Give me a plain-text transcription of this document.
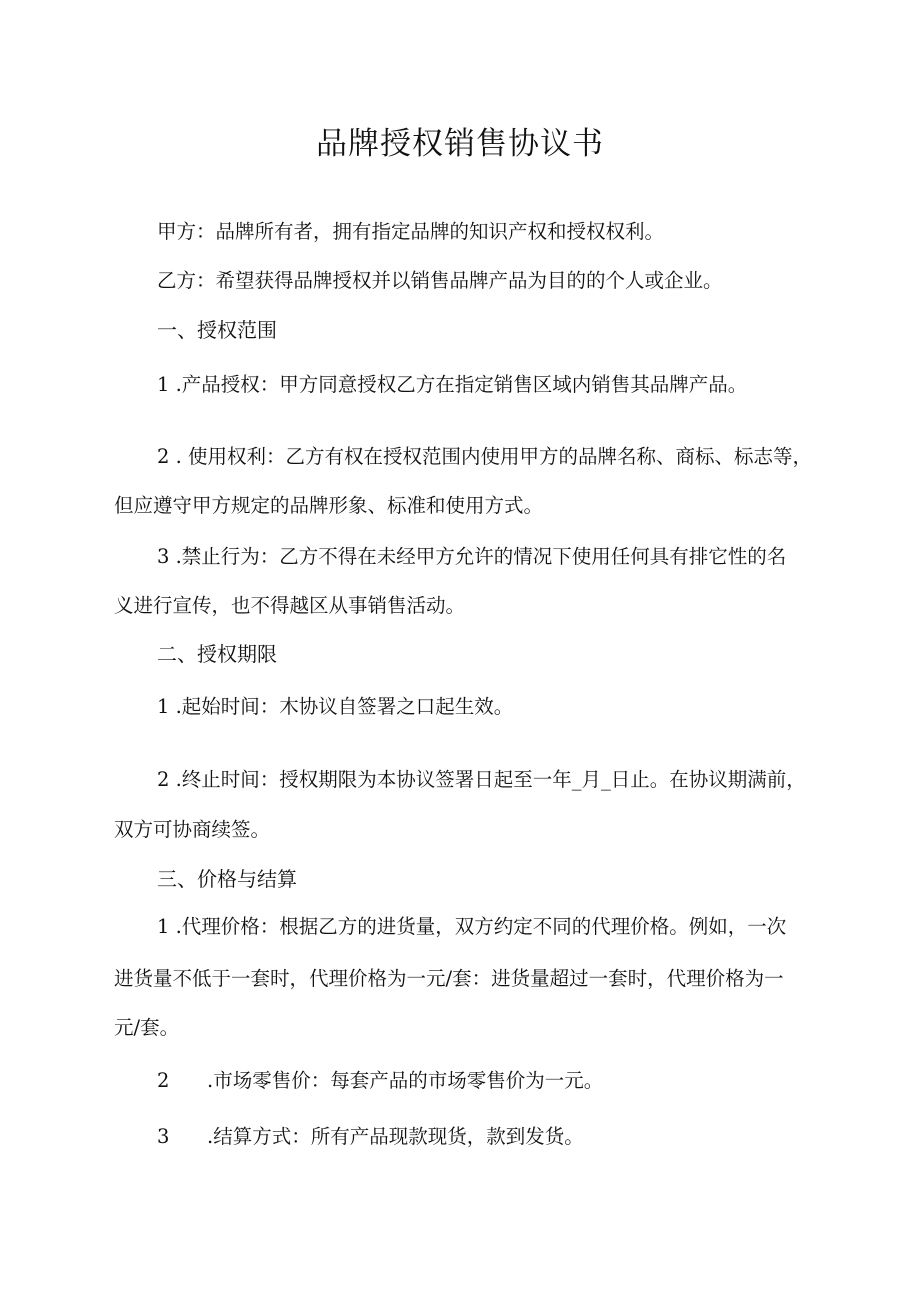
品牌授权销售协议书
甲方：品牌所有者，拥有指定品牌的知识产权和授权权利。
乙方：希望获得品牌授权并以销售品牌产品为目的的个人或企业。
一、授权范围
1 .产品授权：甲方同意授权乙方在指定销售区域内销售其品牌产品。
2 . 使用权利：乙方有权在授权范围内使用甲方的品牌名称、商标、标志等，
但应遵守甲方规定的品牌形象、标准和使用方式。
3 .禁止行为：乙方不得在未经甲方允许的情况下使用任何具有排它性的名
义进行宣传，也不得越区从事销售活动。
二、授权期限
1 .起始时间：木协议自签署之口起生效。
2 .终止时间：授权期限为本协议签署日起至一年_月_日止。在协议期满前，
双方可协商续签。
三、价格与结算
1 .代理价格：根据乙方的进货量，双方约定不同的代理价格。例如，一次
进货量不低于一套时，代理价格为一元/套：进货量超过一套时，代理价格为一
元/套。
2 .市场零售价：每套产品的市场零售价为一元。
3 .结算方式：所有产品现款现货，款到发货。
